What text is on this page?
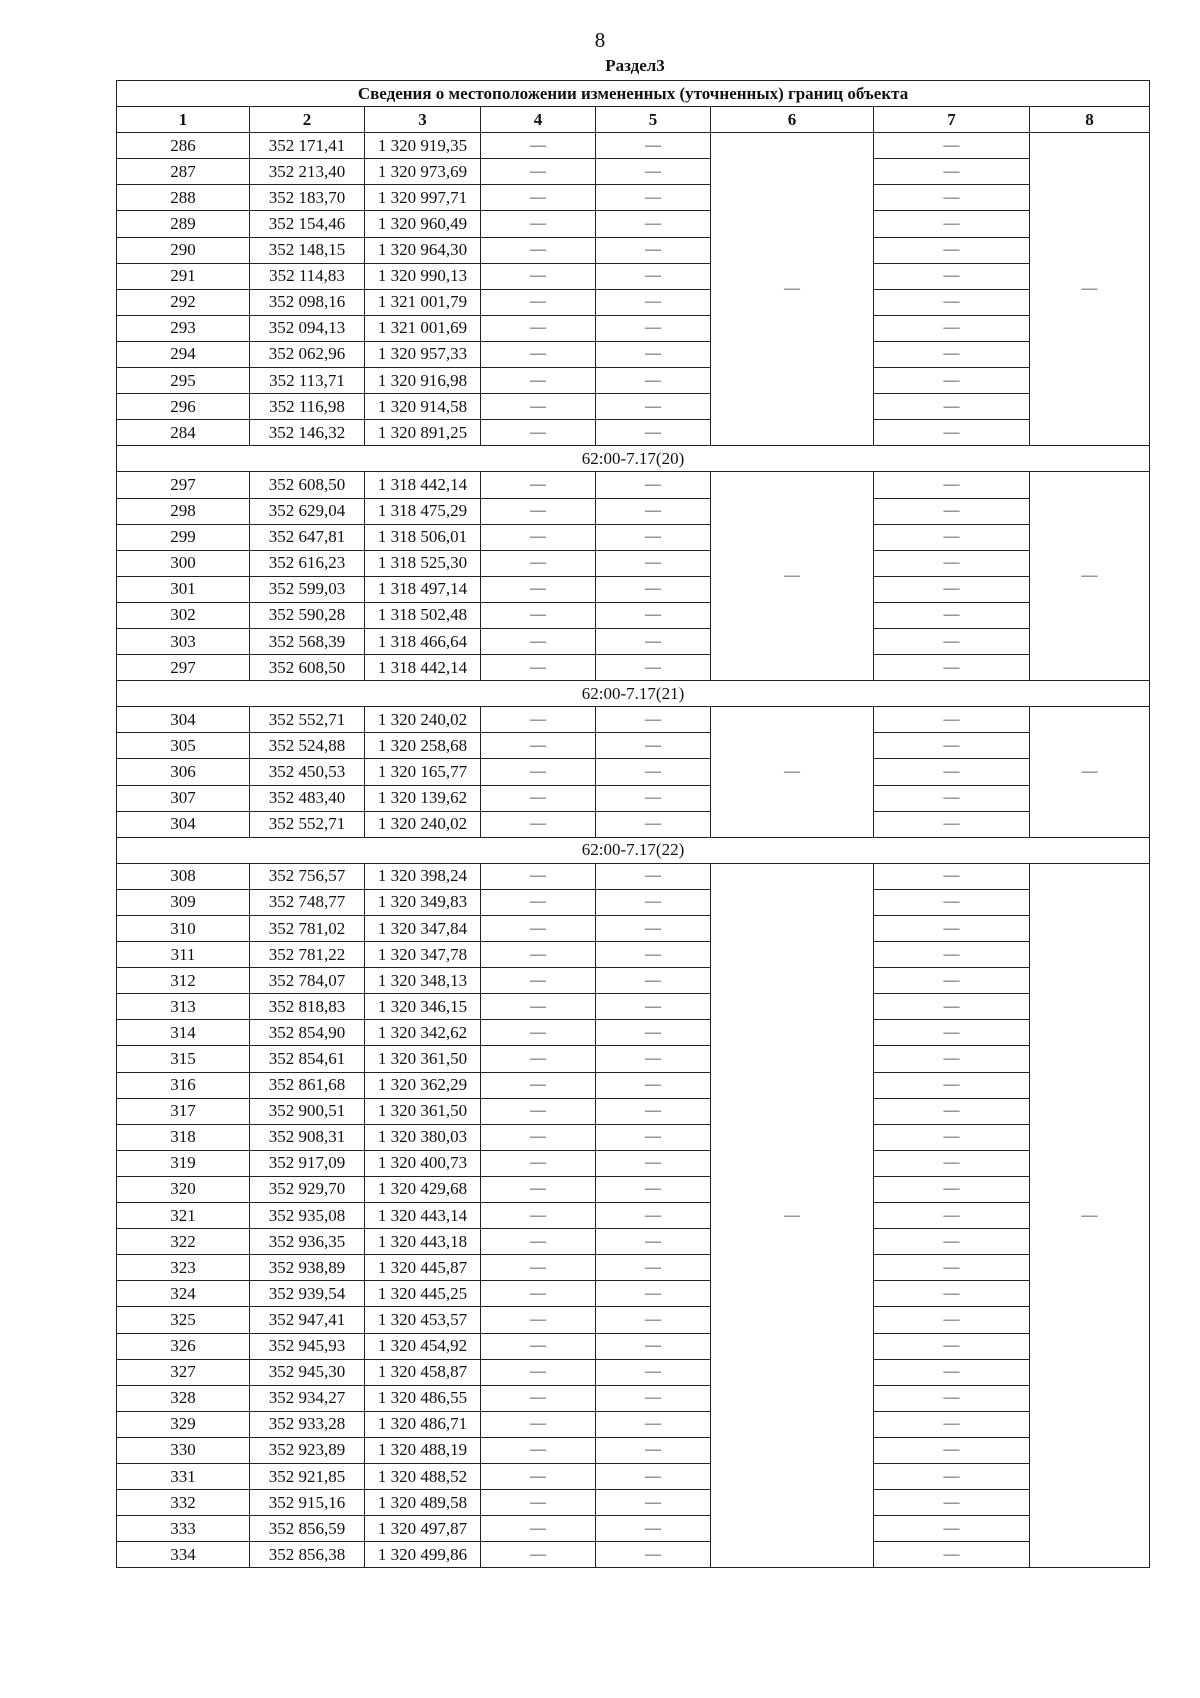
8
Раздел3
Сведения о местоположении измененных (уточненных) границ объекта							
1	2	3	4	5	6	7	8
286	352 171,41	1 320 919,35	—	—	—	—	—
287	352 213,40	1 320 973,69	—	—		—	
288	352 183,70	1 320 997,71	—	—		—	
289	352 154,46	1 320 960,49	—	—		—	
290	352 148,15	1 320 964,30	—	—		—	
291	352 114,83	1 320 990,13	—	—		—	
292	352 098,16	1 321 001,79	—	—		—	
293	352 094,13	1 321 001,69	—	—		—	
294	352 062,96	1 320 957,33	—	—		—	
295	352 113,71	1 320 916,98	—	—		—	
296	352 116,98	1 320 914,58	—	—		—	
284	352 146,32	1 320 891,25	—	—		—	
62:00-7.17(20)							
297	352 608,50	1 318 442,14	—	—	—	—	—
298	352 629,04	1 318 475,29	—	—		—	
299	352 647,81	1 318 506,01	—	—		—	
300	352 616,23	1 318 525,30	—	—		—	
301	352 599,03	1 318 497,14	—	—		—	
302	352 590,28	1 318 502,48	—	—		—	
303	352 568,39	1 318 466,64	—	—		—	
297	352 608,50	1 318 442,14	—	—		—	
62:00-7.17(21)							
304	352 552,71	1 320 240,02	—	—	—	—	—
305	352 524,88	1 320 258,68	—	—		—	
306	352 450,53	1 320 165,77	—	—		—	
307	352 483,40	1 320 139,62	—	—		—	
304	352 552,71	1 320 240,02	—	—		—	
62:00-7.17(22)							
308	352 756,57	1 320 398,24	—	—	—	—	—
309	352 748,77	1 320 349,83	—	—		—	
310	352 781,02	1 320 347,84	—	—		—	
311	352 781,22	1 320 347,78	—	—		—	
312	352 784,07	1 320 348,13	—	—		—	
313	352 818,83	1 320 346,15	—	—		—	
314	352 854,90	1 320 342,62	—	—		—	
315	352 854,61	1 320 361,50	—	—		—	
316	352 861,68	1 320 362,29	—	—		—	
317	352 900,51	1 320 361,50	—	—		—	
318	352 908,31	1 320 380,03	—	—		—	
319	352 917,09	1 320 400,73	—	—		—	
320	352 929,70	1 320 429,68	—	—		—	
321	352 935,08	1 320 443,14	—	—		—	
322	352 936,35	1 320 443,18	—	—		—	
323	352 938,89	1 320 445,87	—	—		—	
324	352 939,54	1 320 445,25	—	—		—	
325	352 947,41	1 320 453,57	—	—		—	
326	352 945,93	1 320 454,92	—	—		—	
327	352 945,30	1 320 458,87	—	—		—	
328	352 934,27	1 320 486,55	—	—		—	
329	352 933,28	1 320 486,71	—	—		—	
330	352 923,89	1 320 488,19	—	—		—	
331	352 921,85	1 320 488,52	—	—		—	
332	352 915,16	1 320 489,58	—	—		—	
333	352 856,59	1 320 497,87	—	—		—	
334	352 856,38	1 320 499,86	—	—		—	
